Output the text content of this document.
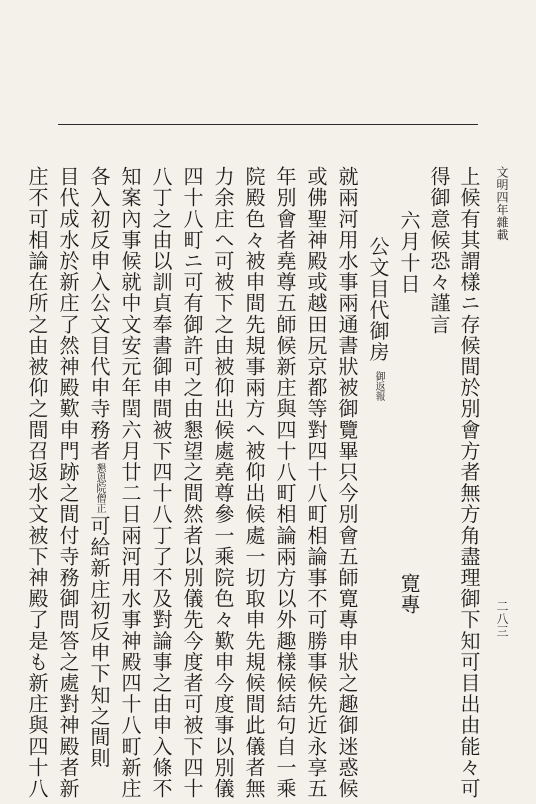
上候有其謂樣ニ存候間於別會方者無方角盡理御下知可目出由能々可
得御意候恐々謹言
六月十日
寛專
公文目代御房御返報
就兩河用水事兩通書狀被御覽畢只今別會五師寛專申狀之趣御迷惑候
或佛聖神殿或越田尻京都等對四十八町相論事不可勝事候先近永享五
年別會者堯尊五師候新庄與四十八町相論兩方以外趣樣候結句自一乘
院殿色々被申間先規事兩方へ被仰出候處一切取申先規候間此儀者無
力余庄へ可被下之由被仰出候處堯尊參一乘院色々歎申今度事以別儀
四十八町ニ可有御許可之由懇望之間然者以別儀先今度者可被下四十
八丁之由以訓貞奉書御申間被下四十八丁了不及對論事之由申入條不
知案內事候就中文安元年閏六月廿二日兩河用水事神殿四十八町新庄
各入初反申入公文目代申寺務者懇恩院僧正可給新庄初反申下知之間則
目代成水於新庄了然神殿歎申門跡之間付寺務御問答之處對神殿者新
庄不可相論在所之由被仰之間召返水文被下神殿了是も新庄與四十八	文明四年雜載
二八三
